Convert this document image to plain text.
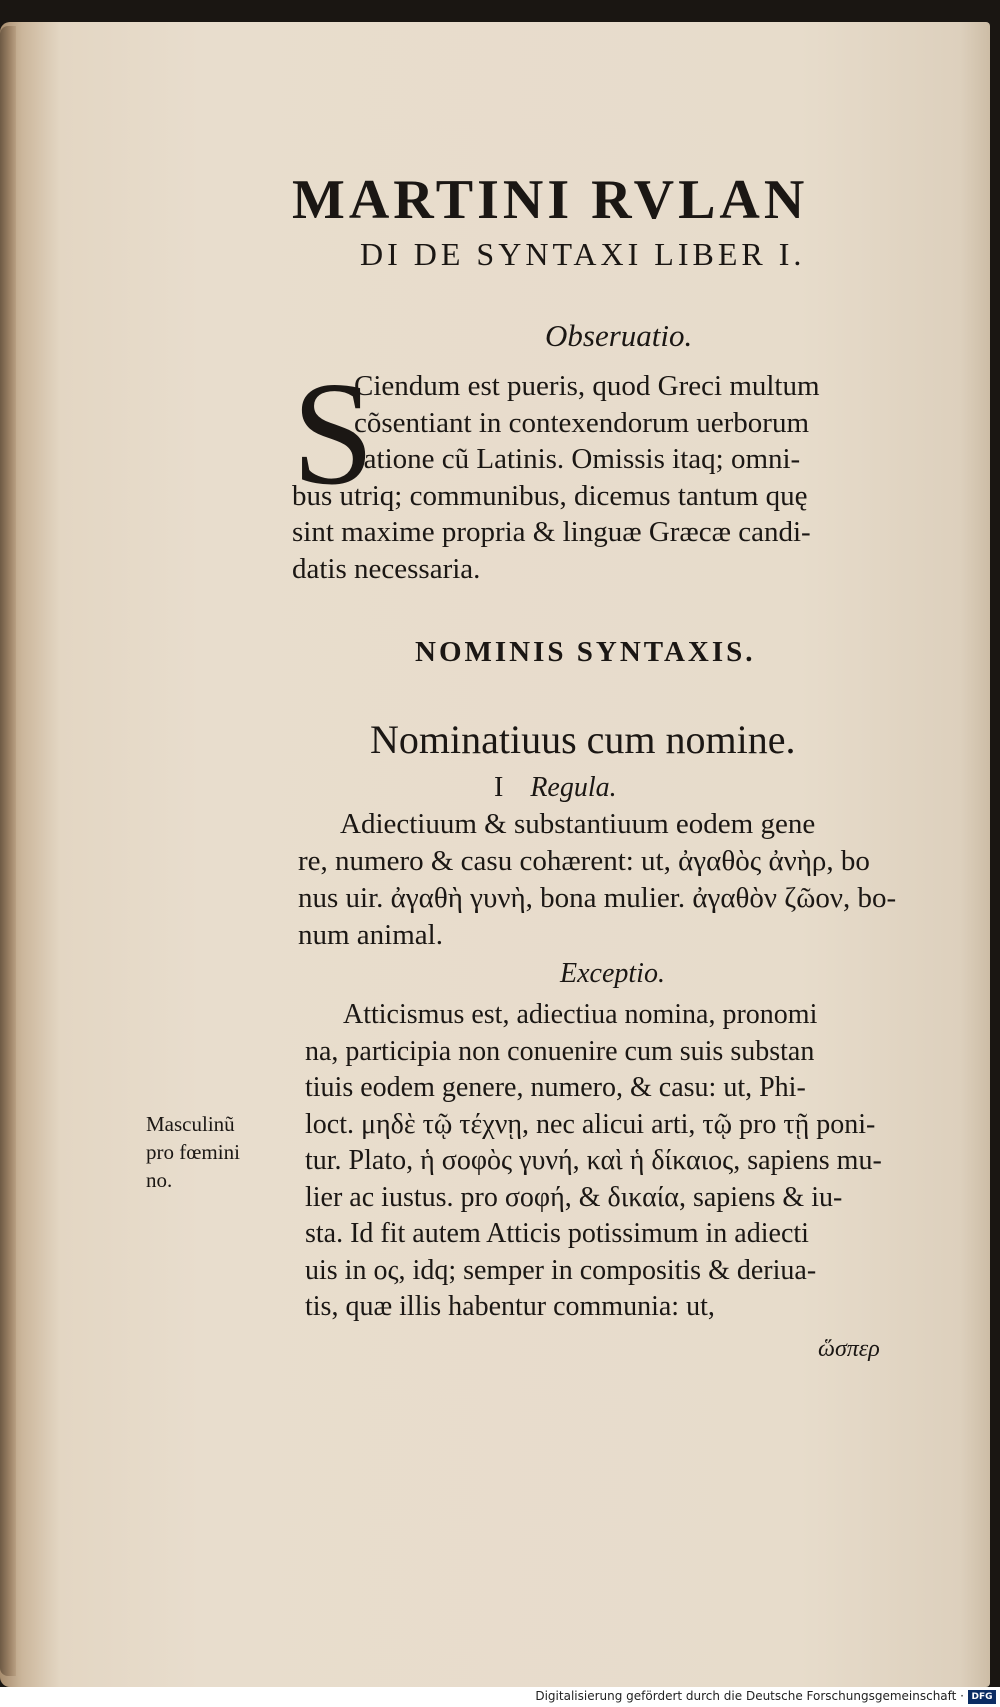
MARTINI RVLAN
DI DE SYNTAXI LIBER I.
Obseruatio.
S
Ciendum est pueris, quod Greci multum
cõsentiant in contexendorum uerborum
ratione cũ Latinis. Omissis itaq; omni-
bus utriq; communibus, dicemus tantum quę
sint maxime propria & linguæ Græcæ candi-
datis necessaria.
NOMINIS SYNTAXIS.
Nominatiuus cum nomine.
I Regula.
Adiectiuum & substantiuum eodem gene
re, numero & casu cohærent: ut, ἀγαθὸς ἀνὴρ, bo
nus uir. ἀγαθὴ γυνὴ, bona mulier. ἀγαθὸν ζῶον, bo-
num animal.
Exceptio.
Atticismus est, adiectiua nomina, pronomi
na, participia non conuenire cum suis substan
tiuis eodem genere, numero, & casu: ut, Phi-
loct. μηδὲ τῷ τέχνῃ, nec alicui arti, τῷ pro τῇ poni-
tur. Plato, ἡ σοφὸς γυνή, καὶ ἡ δίκαιος, sapiens mu-
lier ac iustus. pro σοφή, & δικαία, sapiens & iu-
sta. Id fit autem Atticis potissimum in adiecti
uis in ος, idq; semper in compositis & deriua-
tis, quæ illis habentur communia: ut,
Masculinũ
pro fœmini
no.
ὥσπερ
Digitalisierung gefördert durch die Deutsche Forschungsgemeinschaft · DFG
